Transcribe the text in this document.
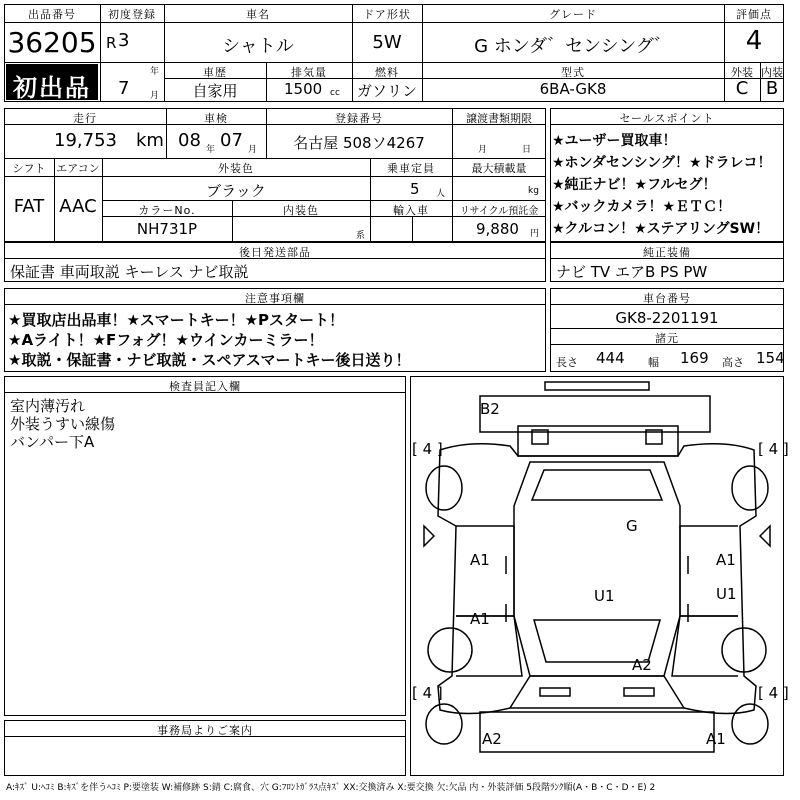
出品番号
36205
初出品
初度登録
R 3
年
7 月
車名
シャトル
ドア形状
5W
グレード
G ホンダ゛センシング゛
評価点
4
外装 内装
C B
車歴
自家用
排気量
1500 cc
燃料
ガソリン
型式
6BA-GK8
走行
19,753 km
車検
08 年 07 月
登録番号
名古屋 508ソ4267
譲渡書類期限
月	日
シフト
FAT
エアコン
AAC
外装色
ブラック
乗車定員
5 人
最大積載量
kg
カラーNo.
NH731P
内装色
系
輸入車	リサイクル預託金
9,880 円
後日発送部品
保証書 車両取説 キーレス ナビ取説
セールスポイント
★ユーザー買取車！
★ホンダセンシング！★ドラレコ！
★純正ナビ！★フルセグ！
★バックカメラ！★ＥＴＣ！
★クルコン！★ステアリングSW！
純正装備
ナビ TV エアB PS PW
注意事項欄
★買取店出品車！★スマートキー！★Pスタート！
★Aライト！★Fフォグ！★ウインカーミラー！
★取説・保証書・ナビ取説・スペアスマートキー後日送り！
車台番号
GK8-2201191
諸元
長さ 444 幅 169 高さ 154
検査員記入欄
室内薄汚れ
外装うすい線傷
バンパー下A
事務局よりご案内
[ 4 ]	[ 4 ]
[ 4 ]	[ 4 ]
B2
G
A1	A1
A1
U1	U1
A2
A2	A1
A:ｷｽﾞ U:ﾍｺﾐ B:ｷｽﾞを伴うﾍｺﾐ P:要塗装 W:補修跡 S:錆 C:腐食、穴 G:ﾌﾛﾝﾄｶﾞﾗｽ点ｷｽﾞ XX:交換済み X:要交換 欠:欠品 内・外装評価 5段階ﾗﾝｸ順(A・B・C・D・E) 2
